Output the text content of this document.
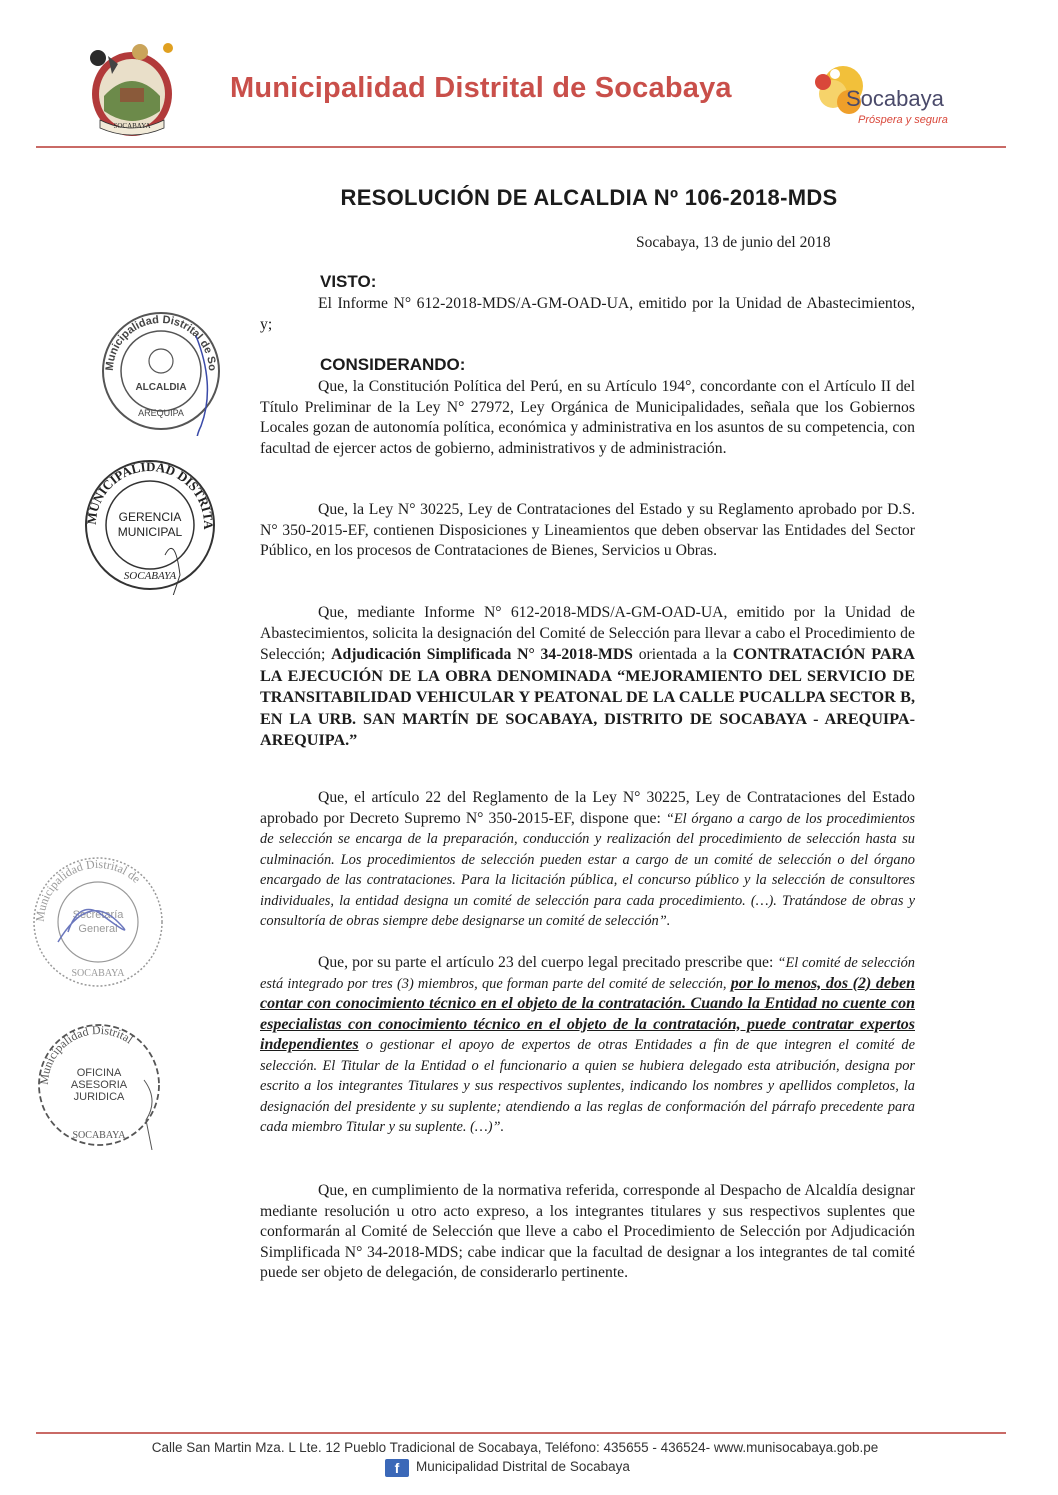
SOCABAYA
Municipalidad Distrital de Socabaya	Socabaya
Próspera y segura
RESOLUCIÓN DE ALCALDIA Nº 106-2018-MDS
Socabaya, 13 de junio del 2018
VISTO:
El Informe N° 612-2018-MDS/A-GM-OAD-UA, emitido por la Unidad de Abastecimientos, y;
CONSIDERANDO:
Que, la Constitución Política del Perú, en su Artículo 194°, concordante con el Artículo II del Título Preliminar de la Ley N° 27972, Ley Orgánica de Municipalidades, señala que los Gobiernos Locales gozan de autonomía política, económica y administrativa en los asuntos de su competencia, con facultad de ejercer actos de gobierno, administrativos y de administración.
Que, la Ley N° 30225, Ley de Contrataciones del Estado y su Reglamento aprobado por D.S. N° 350-2015-EF, contienen Disposiciones y Lineamientos que deben observar las Entidades del Sector Público, en los procesos de Contrataciones de Bienes, Servicios u Obras.
Que, mediante Informe N° 612-2018-MDS/A-GM-OAD-UA, emitido por la Unidad de Abastecimientos, solicita la designación del Comité de Selección para llevar a cabo el Procedimiento de Selección; Adjudicación Simplificada N° 34-2018-MDS orientada a la CONTRATACIÓN PARA LA EJECUCIÓN DE LA OBRA DENOMINADA “MEJORAMIENTO DEL SERVICIO DE TRANSITABILIDAD VEHICULAR Y PEATONAL DE LA CALLE PUCALLPA SECTOR B, EN LA URB. SAN MARTÍN DE SOCABAYA, DISTRITO DE SOCABAYA - AREQUIPA-AREQUIPA.”
Que, el artículo 22 del Reglamento de la Ley N° 30225, Ley de Contrataciones del Estado aprobado por Decreto Supremo N° 350-2015-EF, dispone que: “El órgano a cargo de los procedimientos de selección se encarga de la preparación, conducción y realización del procedimiento de selección hasta su culminación. Los procedimientos de selección pueden estar a cargo de un comité de selección o del órgano encargado de las contrataciones. Para la licitación pública, el concurso público y la selección de consultores individuales, la entidad designa un comité de selección para cada procedimiento. (…). Tratándose de obras y consultoría de obras siempre debe designarse un comité de selección”.
Que, por su parte el artículo 23 del cuerpo legal precitado prescribe que: “El comité de selección está integrado por tres (3) miembros, que forman parte del comité de selección, por lo menos, dos (2) deben contar con conocimiento técnico en el objeto de la contratación. Cuando la Entidad no cuente con especialistas con conocimiento técnico en el objeto de la contratación, puede contratar expertos independientes o gestionar el apoyo de expertos de otras Entidades a fin de que integren el comité de selección. El Titular de la Entidad o el funcionario a quien se hubiera delegado esta atribución, designa por escrito a los integrantes Titulares y sus respectivos suplentes, indicando los nombres y apellidos completos, la designación del presidente y su suplente; atendiendo a las reglas de conformación del párrafo precedente para cada miembro Titular y su suplente. (…)”.
Que, en cumplimiento de la normativa referida, corresponde al Despacho de Alcaldía designar mediante resolución u otro acto expreso, a los integrantes titulares y sus respectivos suplentes que conformarán al Comité de Selección que lleve a cabo el Procedimiento de Selección por Adjudicación Simplificada N° 34-2018-MDS; cabe indicar que la facultad de designar a los integrantes de tal comité puede ser objeto de delegación, de considerarlo pertinente.
Municipalidad Distrital de So
ALCALDIA
AREQUIPA
MUNICIPALIDAD DISTRITA
GERENCIA
MUNICIPAL
SOCABAYA
Municipalidad Distrital de
Secretaría
General
SOCABAYA
Municipalidad Distrital
OFICINA
ASESORIA
JURIDICA
SOCABAYA
Calle San Martin Mza. L Lte. 12 Pueblo Tradicional de Socabaya, Teléfono: 435655 - 436524- www.munisocabaya.gob.pe
f	Municipalidad Distrital de Socabaya
